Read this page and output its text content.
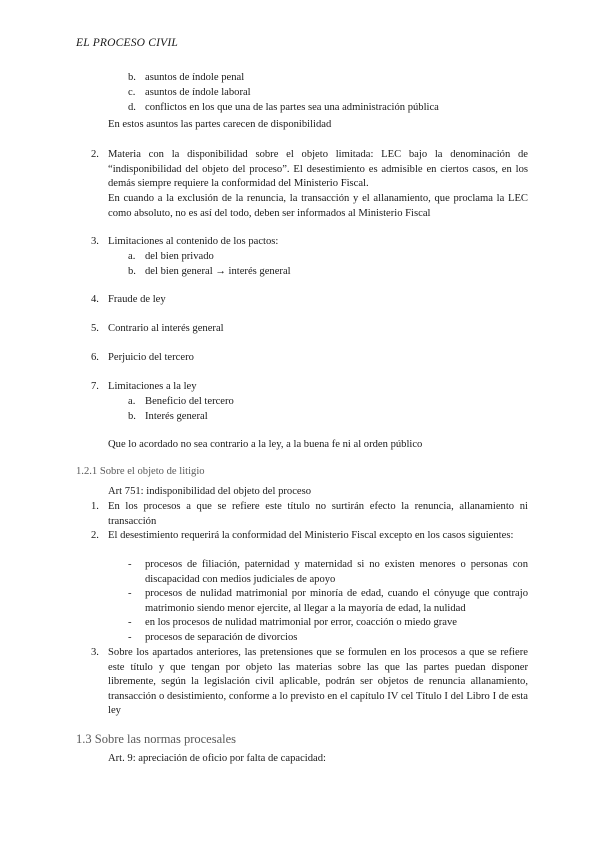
EL PROCESO CIVIL
b. asuntos de índole penal
c. asuntos de índole laboral
d. conflictos en los que una de las partes sea una administración pública
En estos asuntos las partes carecen de disponibilidad
2. Materia con la disponibilidad sobre el objeto limitada: LEC bajo la denominación de “indisponibilidad del objeto del proceso”. El desestimiento es admisible en ciertos casos, en los demás siempre requiere la conformidad del Ministerio Fiscal.
En cuando a la exclusión de la renuncia, la transacción y el allanamiento, que proclama la LEC como absoluto, no es así del todo, deben ser informados al Ministerio Fiscal
3. Limitaciones al contenido de los pactos:
a. del bien privado
b. del bien general → interés general
4. Fraude de ley
5. Contrario al interés general
6. Perjuicio del tercero
7. Limitaciones a la ley
a. Beneficio del tercero
b. Interés general
Que lo acordado no sea contrario a la ley, a la buena fe ni al orden público
1.2.1 Sobre el objeto de litigio
Art 751: indisponibilidad del objeto del proceso
1. En los procesos a que se refiere este título no surtirán efecto la renuncia, allanamiento ni transacción
2. El desestimiento requerirá la conformidad del Ministerio Fiscal excepto en los casos siguientes:
- procesos de filiación, paternidad y maternidad si no existen menores o personas con discapacidad con medios judiciales de apoyo
- procesos de nulidad matrimonial por minoría de edad, cuando el cónyuge que contrajo matrimonio siendo menor ejercite, al llegar a la mayoría de edad, la nulidad
- en los procesos de nulidad matrimonial por error, coacción o miedo grave
- procesos de separación de divorcios
3. Sobre los apartados anteriores, las pretensiones que se formulen en los procesos a que se refiere este título y que tengan por objeto las materias sobre las que las partes puedan disponer libremente, según la legislación civil aplicable, podrán ser objetos de renuncia allanamiento, transacción o desistimiento, conforme a lo previsto en el capítulo IV cel Título I del Libro I de esta ley
1.3 Sobre las normas procesales
Art. 9: apreciación de oficio por falta de capacidad:
